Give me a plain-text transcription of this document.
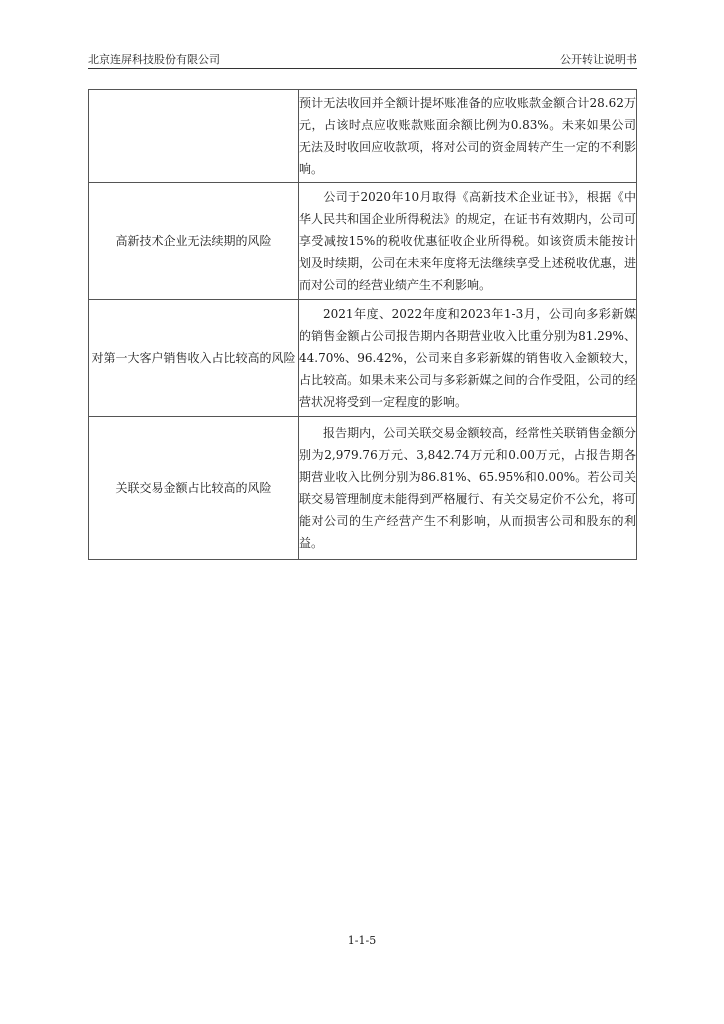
北京连屏科技股份有限公司	公开转让说明书
	预计无法收回并全额计提坏账准备的应收账款金额合计28.62万元，占该时点应收账款账面余额比例为0.83%。未来如果公司无法及时收回应收款项，将对公司的资金周转产生一定的不利影响。
高新技术企业无法续期的风险	公司于2020年10月取得《高新技术企业证书》，根据《中华人民共和国企业所得税法》的规定，在证书有效期内，公司可享受减按15%的税收优惠征收企业所得税。如该资质未能按计划及时续期，公司在未来年度将无法继续享受上述税收优惠，进而对公司的经营业绩产生不利影响。
对第一大客户销售收入占比较高的风险	2021年度、2022年度和2023年1-3月，公司向多彩新媒的销售金额占公司报告期内各期营业收入比重分别为81.29%、44.70%、96.42%，公司来自多彩新媒的销售收入金额较大，占比较高。如果未来公司与多彩新媒之间的合作受阻，公司的经营状况将受到一定程度的影响。
关联交易金额占比较高的风险	报告期内，公司关联交易金额较高，经常性关联销售金额分别为2,979.76万元、3,842.74万元和0.00万元，占报告期各期营业收入比例分别为86.81%、65.95%和0.00%。若公司关联交易管理制度未能得到严格履行、有关交易定价不公允，将可能对公司的生产经营产生不利影响，从而损害公司和股东的利益。
1-1-5
